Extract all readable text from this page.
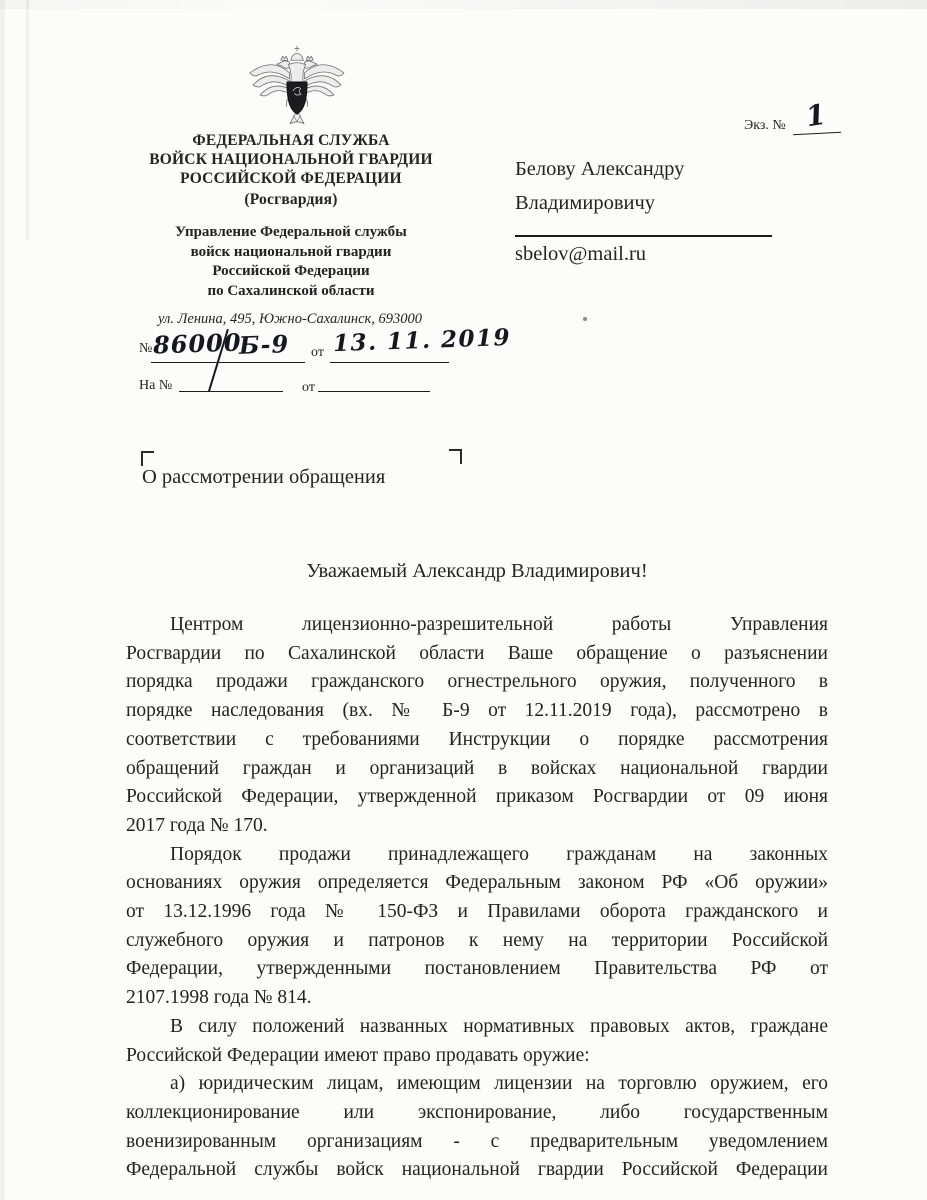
ФЕДЕРАЛЬНАЯ СЛУЖБА
ВОЙСК НАЦИОНАЛЬНОЙ ГВАРДИИ
РОССИЙСКОЙ ФЕДЕРАЦИИ
(Росгвардия)
Управление Федеральной службы
войск национальной гвардии
Российской Федерации
по Сахалинской области
ул. Ленина, 495, Южно-Сахалинск, 693000
№ 86000
Б-9 от 13. 11. 2019
На №	от
Экз. № 1
Белову Александру
Владимировичу
sbelov@mail.ru
О рассмотрении обращения
Уважаемый Александр Владимирович!
Центром лицензионно-разрешительной работы Управления
Росгвардии по Сахалинской области Ваше обращение о разъяснении
порядка продажи гражданского огнестрельного оружия, полученного в
порядке наследования (вх. № Б-9 от 12.11.2019 года), рассмотрено в
соответствии с требованиями Инструкции о порядке рассмотрения
обращений граждан и организаций в войсках национальной гвардии
Российской Федерации, утвержденной приказом Росгвардии от 09 июня
2017 года № 170.
Порядок продажи принадлежащего гражданам на законных
основаниях оружия определяется Федеральным законом РФ «Об оружии»
от 13.12.1996 года № 150-ФЗ и Правилами оборота гражданского и
служебного оружия и патронов к нему на территории Российской
Федерации, утвержденными постановлением Правительства РФ от
2107.1998 года № 814.
В силу положений названных нормативных правовых актов, граждане
Российской Федерации имеют право продавать оружие:
а) юридическим лицам, имеющим лицензии на торговлю оружием, его
коллекционирование или экспонирование, либо государственным
военизированным организациям - с предварительным уведомлением
Федеральной службы войск национальной гвардии Российской Федерации
